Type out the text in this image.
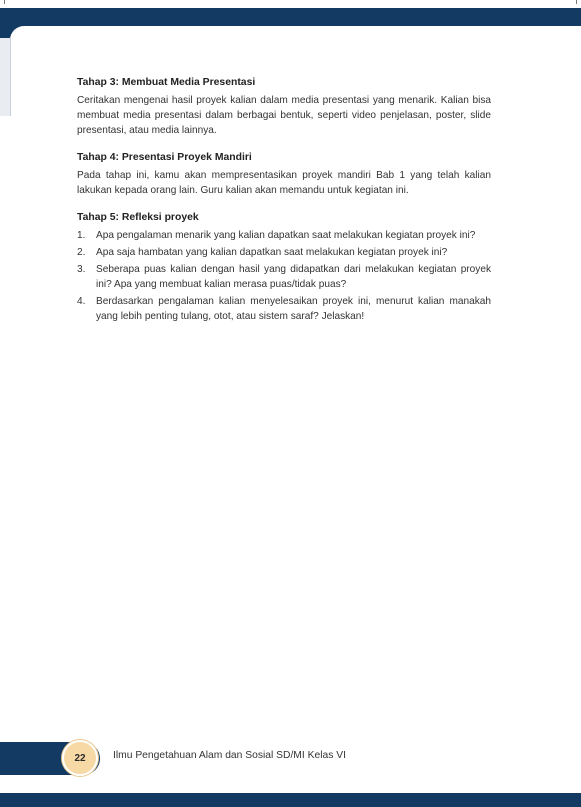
Tahap 3: Membuat Media Presentasi

Ceritakan mengenai hasil proyek kalian dalam media presentasi yang menarik. Kalian bisa membuat media presentasi dalam berbagai bentuk, seperti video penjelasan, poster, slide presentasi, atau media lainnya.

Tahap 4: Presentasi Proyek Mandiri

Pada tahap ini, kamu akan mempresentasikan proyek mandiri Bab 1 yang telah kalian lakukan kepada orang lain. Guru kalian akan memandu untuk kegiatan ini.

Tahap 5: Refleksi proyek
1. Apa pengalaman menarik yang kalian dapatkan saat melakukan kegiatan proyek ini?
2. Apa saja hambatan yang kalian dapatkan saat melakukan kegiatan proyek ini?
3. Seberapa puas kalian dengan hasil yang didapatkan dari melakukan kegiatan proyek ini? Apa yang membuat kalian merasa puas/tidak puas?
4. Berdasarkan pengalaman kalian menyelesaikan proyek ini, menurut kalian manakah yang lebih penting tulang, otot, atau sistem saraf? Jelaskan!
22	Ilmu Pengetahuan Alam dan Sosial SD/MI Kelas VI
